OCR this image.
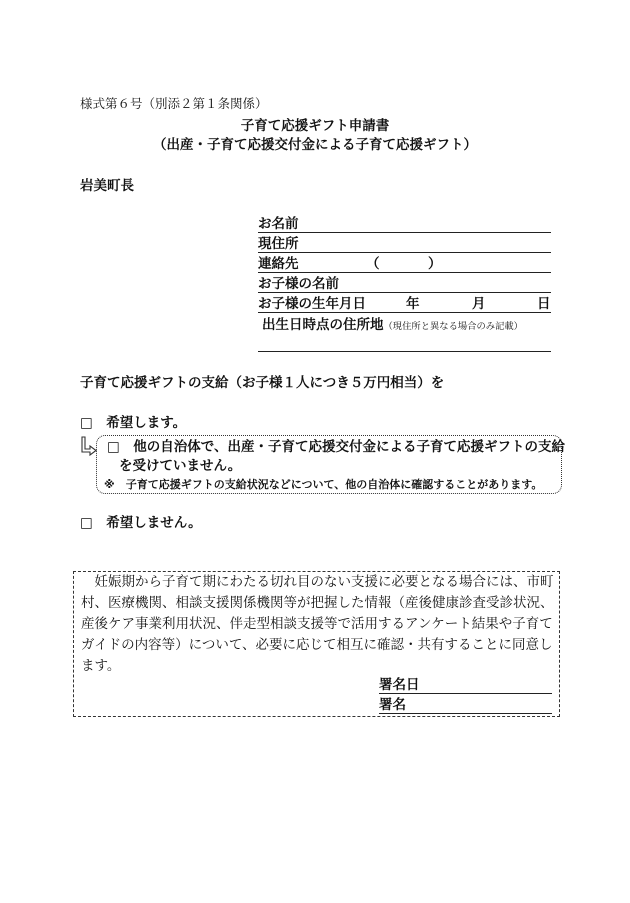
様式第６号（別添２第１条関係）
子育て応援ギフト申請書
（出産・子育て応援交付金による子育て応援ギフト）
岩美町長
お名前
現住所
連絡先	（	）
お子様の名前
お子様の生年月日	年	月	日
出生日時点の住所地（現住所と異なる場合のみ記載）
子育て応援ギフトの支給（お子様１人につき５万円相当）を
□　希望します。
□　他の自治体で、出産・子育て応援交付金による子育て応援ギフトの支給
を受けていません。
※　子育て応援ギフトの支給状況などについて、他の自治体に確認することがあります。
□　希望しません。
　妊娠期から子育て期にわたる切れ目のない支援に必要となる場合には、市町
村、医療機関、相談支援関係機関等が把握した情報（産後健康診査受診状況、
産後ケア事業利用状況、伴走型相談支援等で活用するアンケート結果や子育て
ガイドの内容等）について、必要に応じて相互に確認・共有することに同意し
ます。
署名日
署名
